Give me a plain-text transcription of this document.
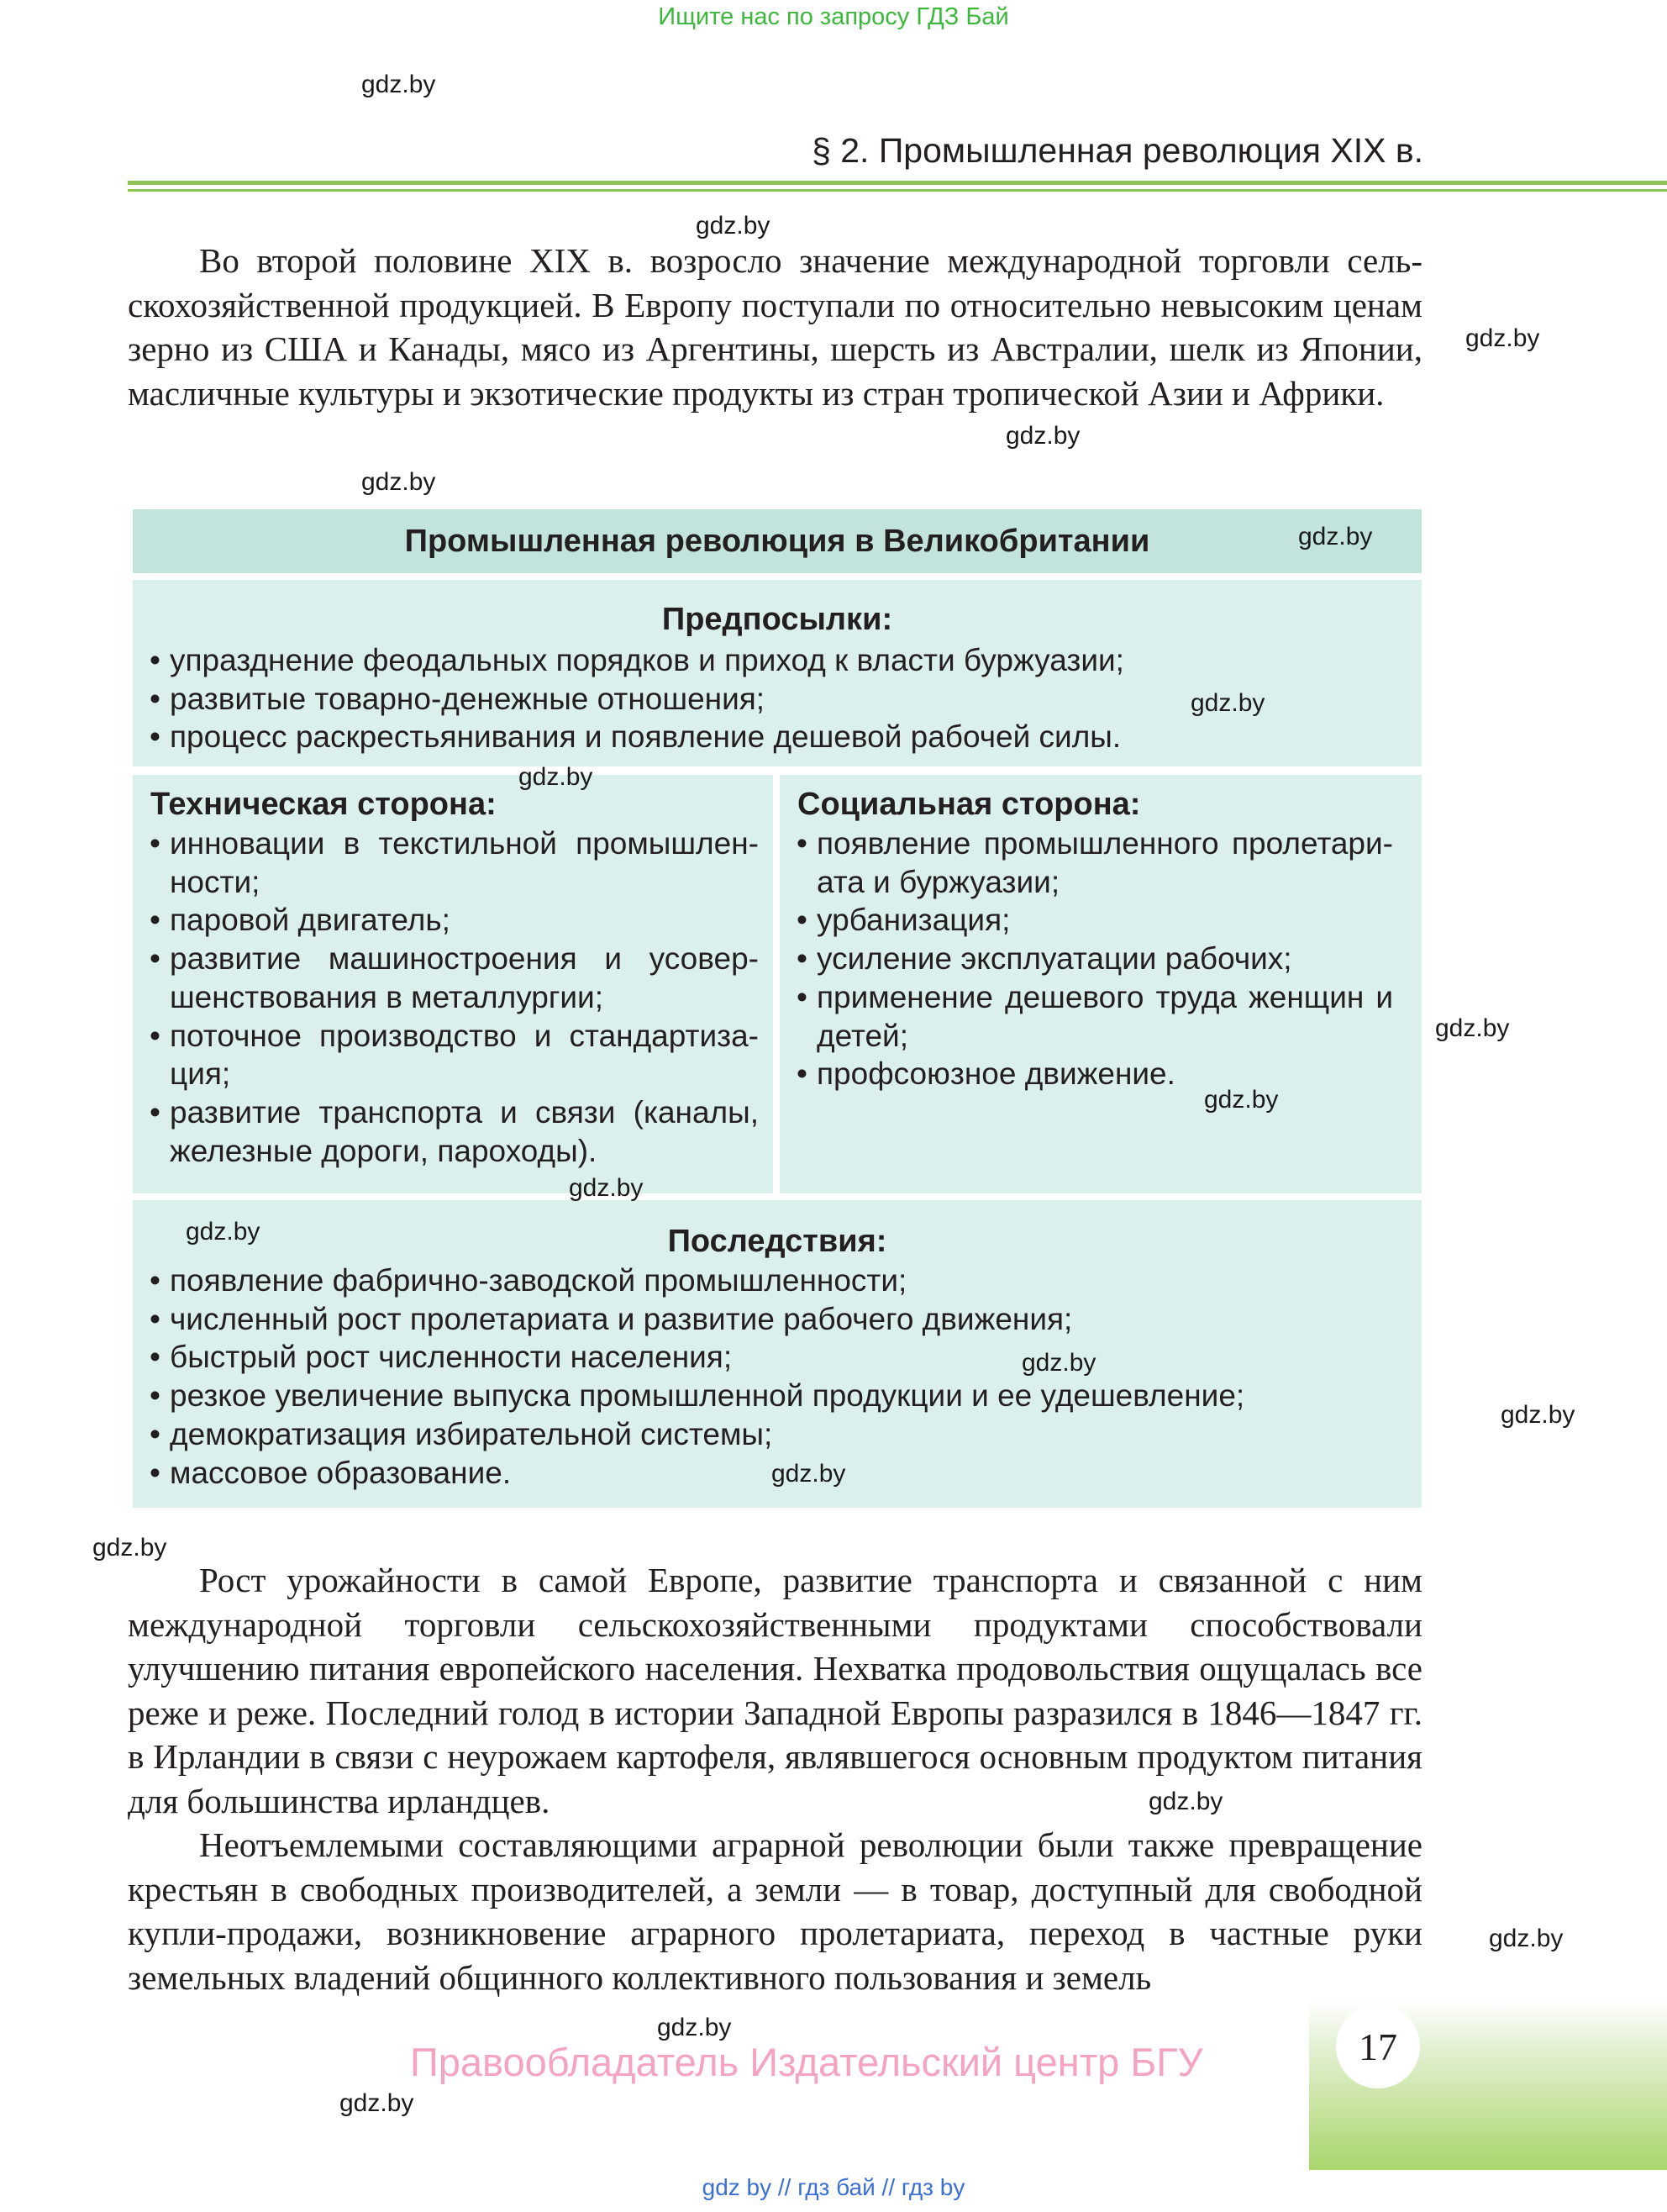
Ищите нас по запросу ГДЗ Бай
§ 2. Промышленная революция XIX в.

Во второй половине XIX в. возросло значение международной торговли сельскохозяйственной продукцией. В Европу поступали по относительно невысоким ценам зерно из США и Канады, мясо из Аргентины, шерсть из Австралии, шелк из Японии, масличные культуры и экзотические продукты из стран тропической Азии и Африки.

Промышленная революция в Великобритании
Предпосылки:
• упразднение феодальных порядков и приход к власти буржуазии;
• развитые товарно-денежные отношения;
• процесс раскрестьянивания и появление дешевой рабочей силы.
Техническая сторона:
• инновации в текстильной промышленности;
• паровой двигатель;
• развитие машиностроения и усовершенствования в металлургии;
• поточное производство и стандартизация;
• развитие транспорта и связи (каналы, железные дороги, пароходы).
Социальная сторона:
• появление промышленного пролетариата и буржуазии;
• урбанизация;
• усиление эксплуатации рабочих;
• применение дешевого труда женщин и детей;
• профсоюзное движение.
Последствия:
• появление фабрично-заводской промышленности;
• численный рост пролетариата и развитие рабочего движения;
• быстрый рост численности населения;
• резкое увеличение выпуска промышленной продукции и ее удешевление;
• демократизация избирательной системы;
• массовое образование.

Рост урожайности в самой Европе, развитие транспорта и связанной с ним международной торговли сельскохозяйственными продуктами способствовали улучшению питания европейского населения. Нехватка продовольствия ощущалась все реже и реже. Последний голод в истории Западной Европы разразился в 1846—1847 гг. в Ирландии в связи с неурожаем картофеля, являвшегося основным продуктом питания для большинства ирландцев.

Неотъемлемыми составляющими аграрной революции были также превращение крестьян в свободных производителей, а земли — в товар, доступный для свободной купли-продажи, возникновение аграрного пролетариата, переход в частные руки земельных владений общинного коллективного пользования и земель

17
Правообладатель Издательский центр БГУ
gdz.by
gdz.by
gdz.by
gdz.by
gdz.by
gdz.by
gdz.by
gdz.by
gdz.by
gdz.by
gdz.by
gdz.by
gdz.by
gdz.by
gdz.by
gdz.by
gdz.by
gdz.by
gdz.by
gdz.by
gdz by // гдз бай // гдз by
